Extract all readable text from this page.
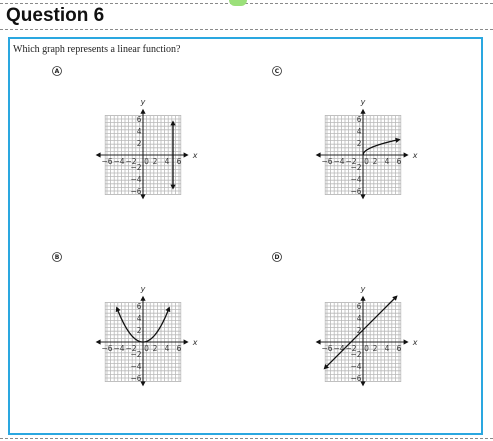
Question 6
Which graph represents a linear function?
A
x
y
−6 −4 −2 0 2 4 6
6
4
2
−2
−4
−6
C
x
y
−6 −4 −2 0 2 4 6
6
4
2
−2
−4
−6
B
x
y
−6 −4 −2 0 2 4 6
6
4
2
−2
−4
−6
D
x
y
−6 −4 −2 0 2 4 6
6
4
2
−2
−4
−6
